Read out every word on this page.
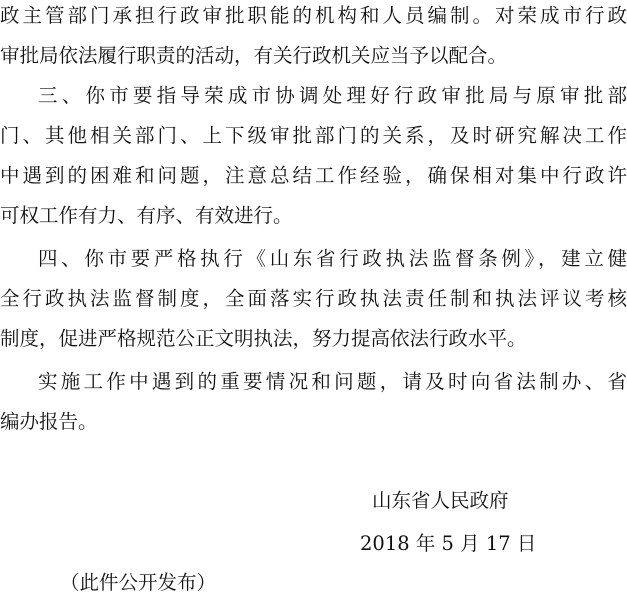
政主管部门承担行政审批职能的机构和人员编制。对荣成市行政
审批局依法履行职责的活动，有关行政机关应当予以配合。
三、你市要指导荣成市协调处理好行政审批局与原审批部
门、其他相关部门、上下级审批部门的关系，及时研究解决工作
中遇到的困难和问题，注意总结工作经验，确保相对集中行政许
可权工作有力、有序、有效进行。
四、你市要严格执行《山东省行政执法监督条例》，建立健
全行政执法监督制度，全面落实行政执法责任制和执法评议考核
制度，促进严格规范公正文明执法，努力提高依法行政水平。
实施工作中遇到的重要情况和问题，请及时向省法制办、省
编办报告。
山东省人民政府
2018 年 5 月 17 日
（此件公开发布）
